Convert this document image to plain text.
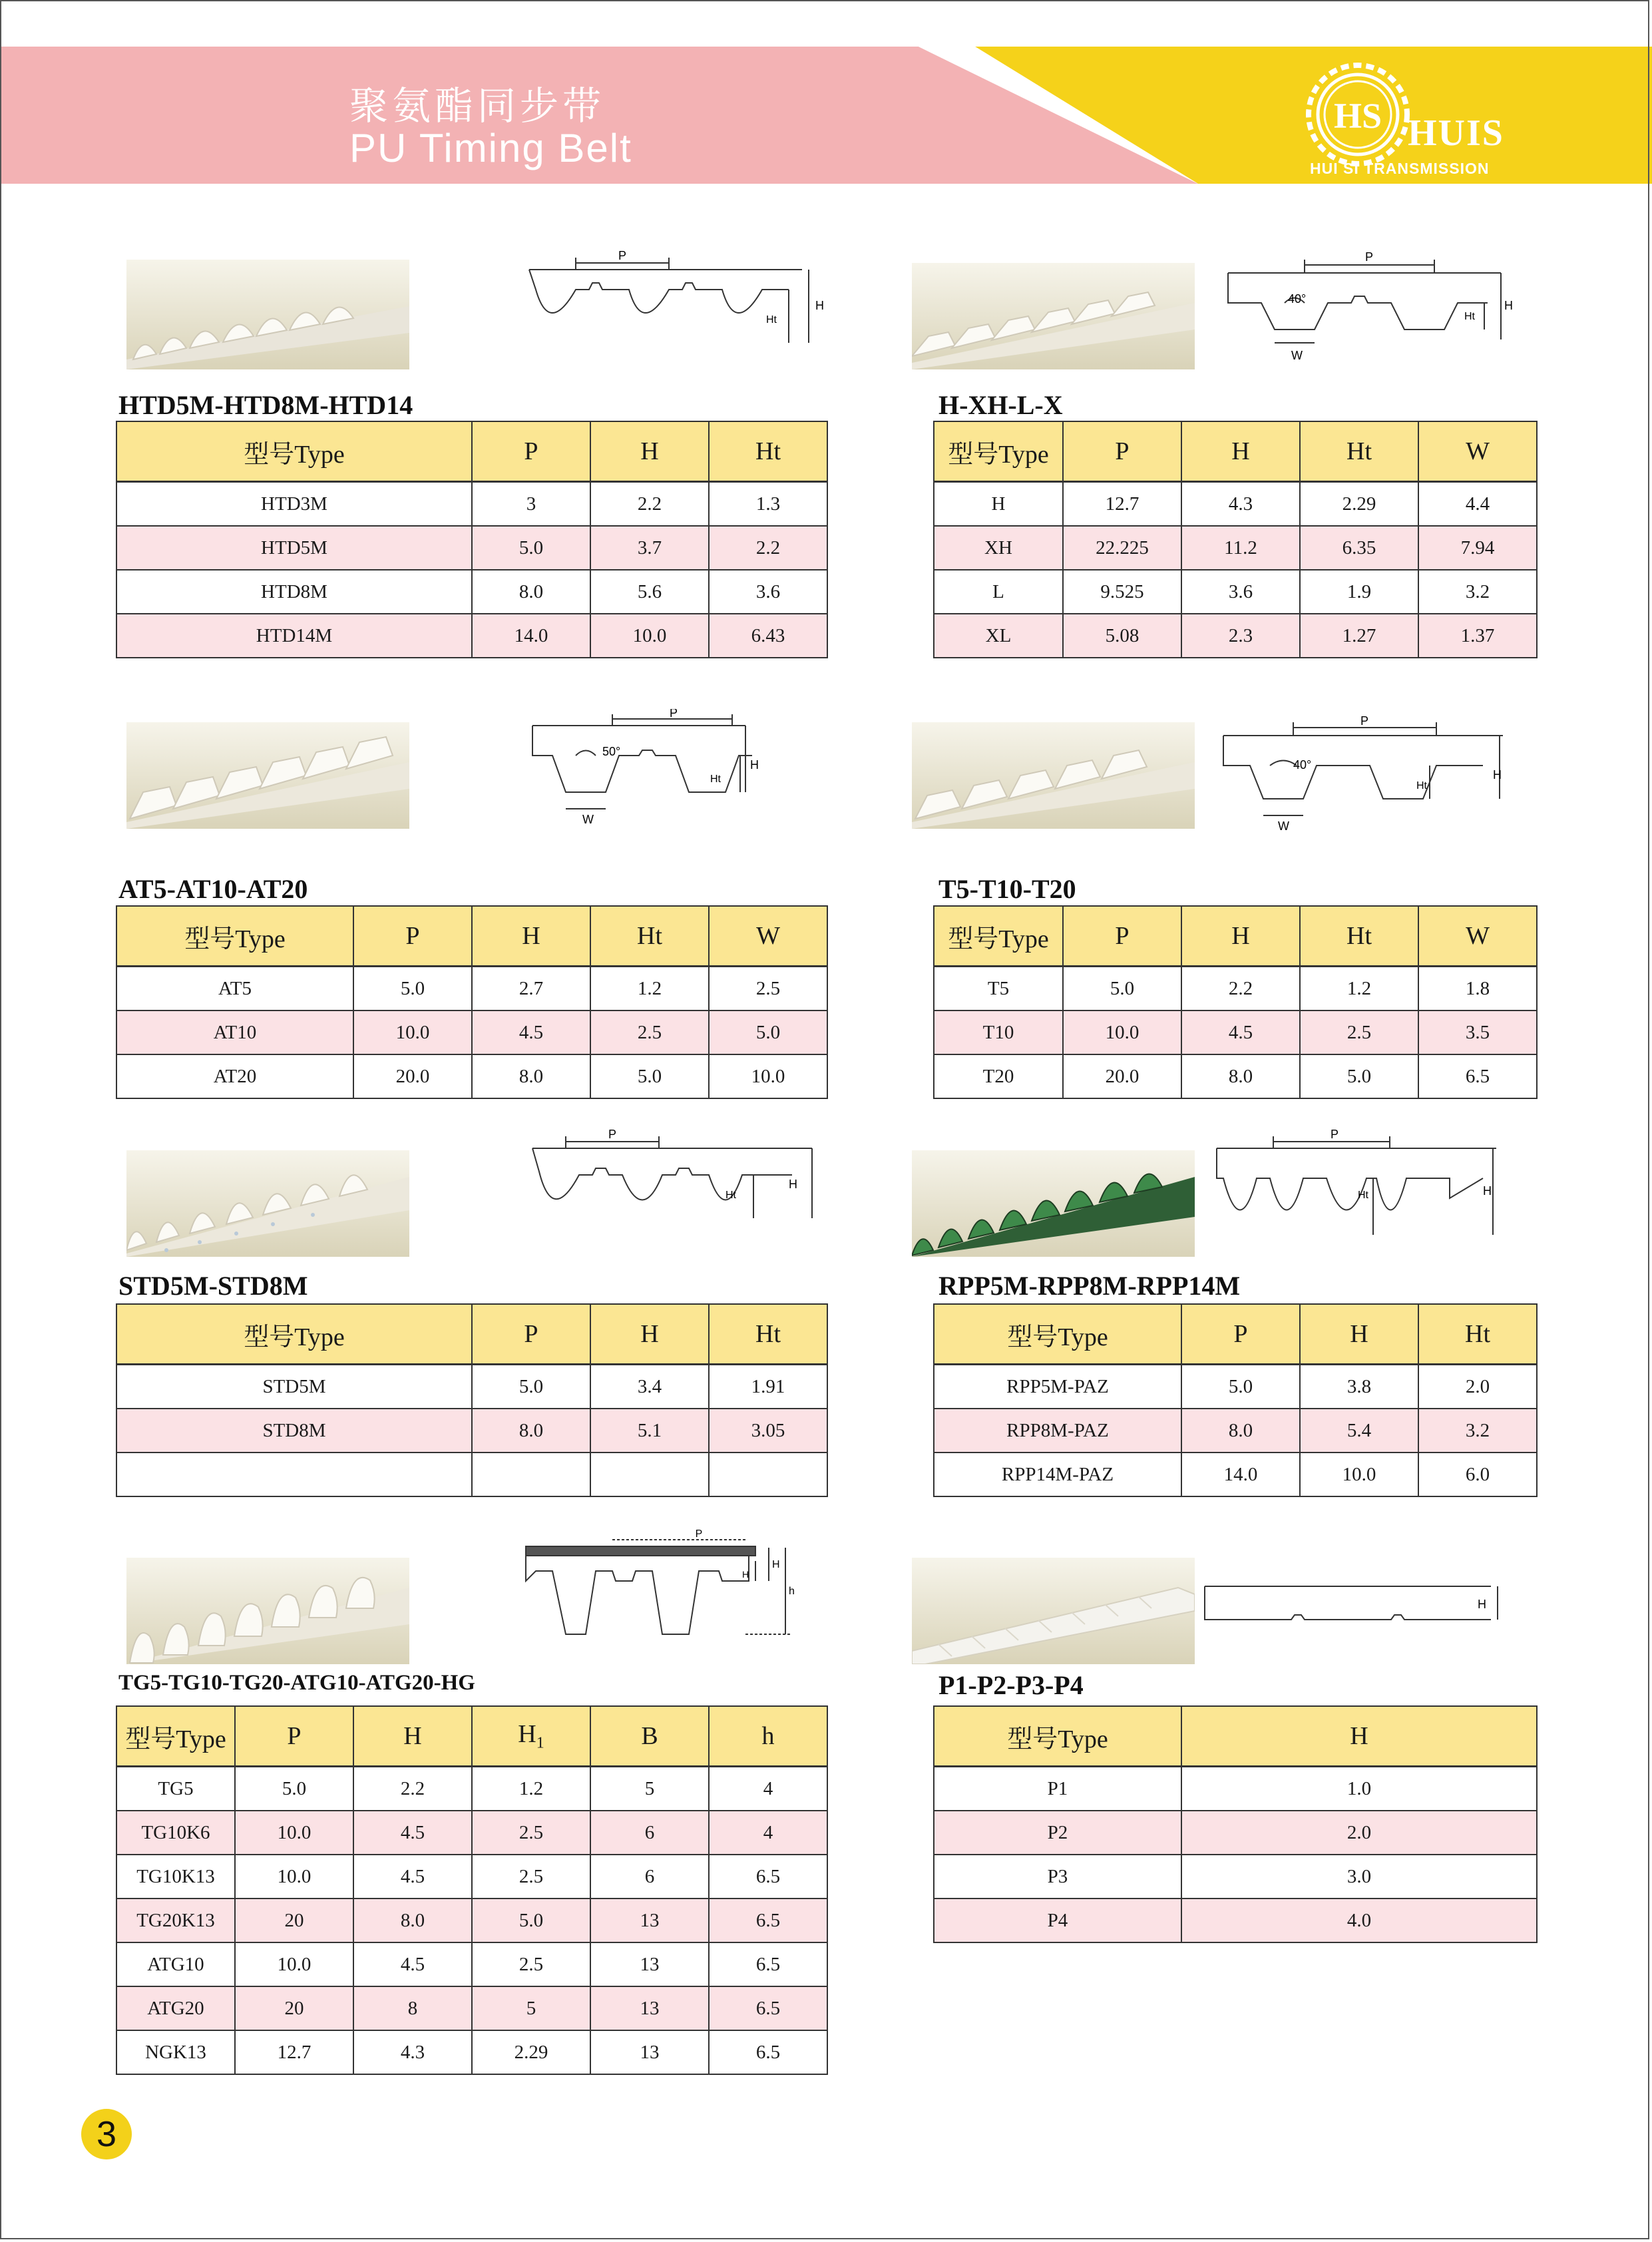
聚氨酯同步带
PU Timing Belt
HS HUIS
HUI SI TRANSMISSION
P
H
Ht
HTD5M-HTD8M-HTD14
型号Type	P	H	Ht
HTD3M	3	2.2	1.3
HTD5M	5.0	3.7	2.2
HTD8M	8.0	5.6	3.6
HTD14M	14.0	10.0	6.43
P
40°
W
H
Ht
H-XH-L-X
型号Type	P	H	Ht	W
H	12.7	4.3	2.29	4.4
XH	22.225	11.2	6.35	7.94
L	9.525	3.6	1.9	3.2
XL	5.08	2.3	1.27	1.37
P
50°
W
H
Ht
AT5-AT10-AT20
型号Type	P	H	Ht	W
AT5	5.0	2.7	1.2	2.5
AT10	10.0	4.5	2.5	5.0
AT20	20.0	8.0	5.0	10.0
P
40°
W
H
Ht
T5-T10-T20
型号Type	P	H	Ht	W
T5	5.0	2.2	1.2	1.8
T10	10.0	4.5	2.5	3.5
T20	20.0	8.0	5.0	6.5
P
H
Ht
STD5M-STD8M
型号Type	P	H	Ht
STD5M	5.0	3.4	1.91
STD8M	8.0	5.1	3.05

P
H
Ht
RPP5M-RPP8M-RPP14M
型号Type	P	H	Ht
RPP5M-PAZ	5.0	3.8	2.0
RPP8M-PAZ	8.0	5.4	3.2
RPP14M-PAZ	14.0	10.0	6.0
P
H
H
h
TG5-TG10-TG20-ATG10-ATG20-HG
型号Type	P	H	$H_1$	B	h
TG5	5.0	2.2	1.2	5	4
TG10K6	10.0	4.5	2.5	6	4
TG10K13	10.0	4.5	2.5	6	6.5
TG20K13	20	8.0	5.0	13	6.5
ATG10	10.0	4.5	2.5	13	6.5
ATG20	20	8	5	13	6.5
NGK13	12.7	4.3	2.29	13	6.5
H
P1-P2-P3-P4
型号Type	H
P1	1.0
P2	2.0
P3	3.0
P4	4.0
3
